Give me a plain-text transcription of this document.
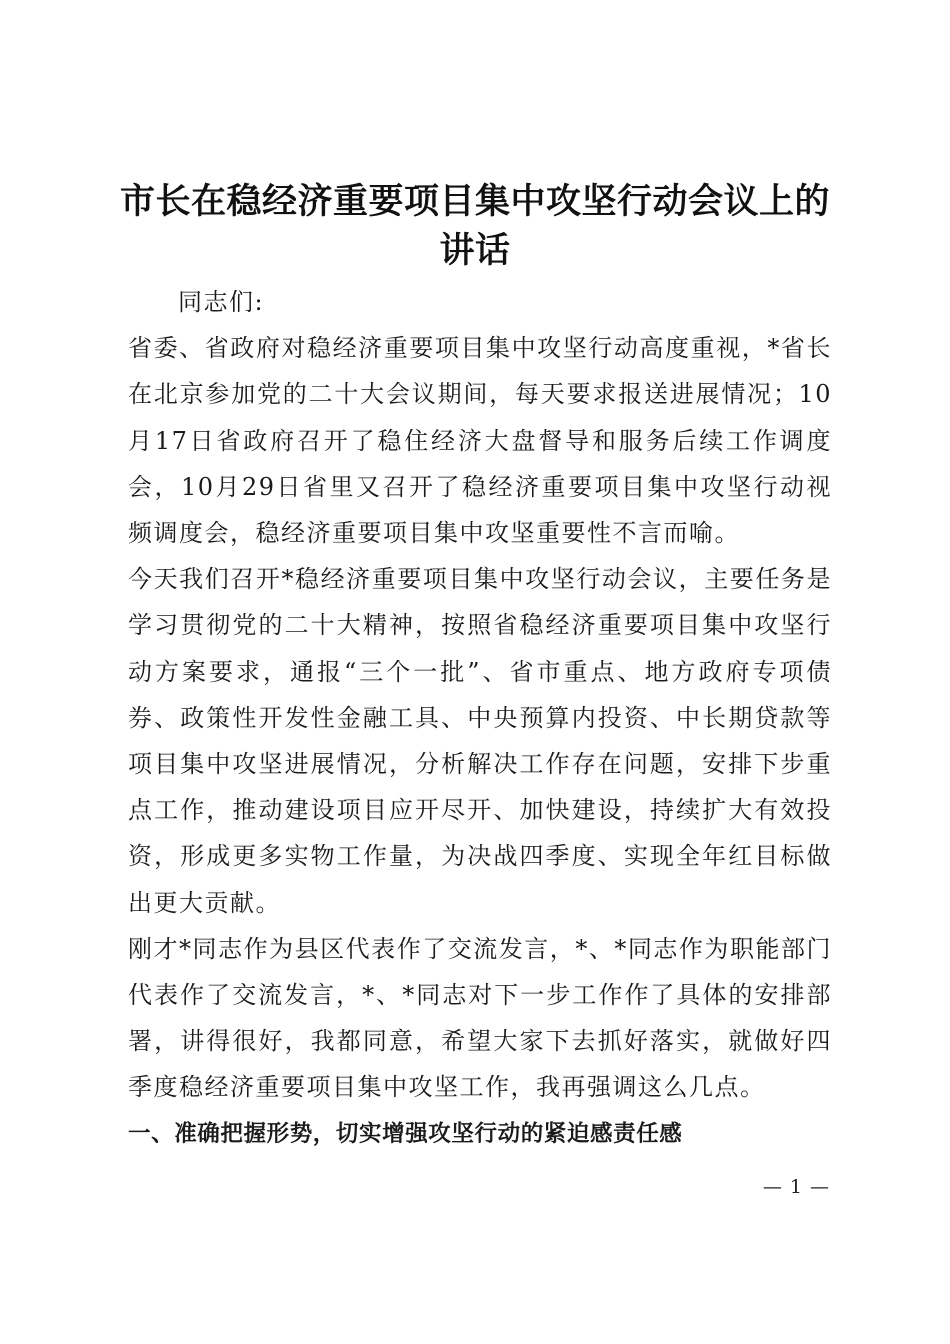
市长在稳经济重要项目集中攻坚行动会议上的讲话

同志们:

省委、省政府对稳经济重要项目集中攻坚行动高度重视，*省长在北京参加党的二十大会议期间，每天要求报送进展情况；10月17日省政府召开了稳住经济大盘督导和服务后续工作调度会，10月29日省里又召开了稳经济重要项目集中攻坚行动视频调度会，稳经济重要项目集中攻坚重要性不言而喻。

今天我们召开*稳经济重要项目集中攻坚行动会议，主要任务是学习贯彻党的二十大精神，按照省稳经济重要项目集中攻坚行动方案要求，通报“三个一批”、省市重点、地方政府专项债券、政策性开发性金融工具、中央预算内投资、中长期贷款等项目集中攻坚进展情况，分析解决工作存在问题，安排下步重点工作，推动建设项目应开尽开、加快建设，持续扩大有效投资，形成更多实物工作量，为决战四季度、实现全年红目标做出更大贡献。

刚才*同志作为县区代表作了交流发言，*、*同志作为职能部门代表作了交流发言，*、*同志对下一步工作作了具体的安排部署，讲得很好，我都同意，希望大家下去抓好落实，就做好四季度稳经济重要项目集中攻坚工作，我再强调这么几点。

一、准确把握形势，切实增强攻坚行动的紧迫感责任感

— 1 —
